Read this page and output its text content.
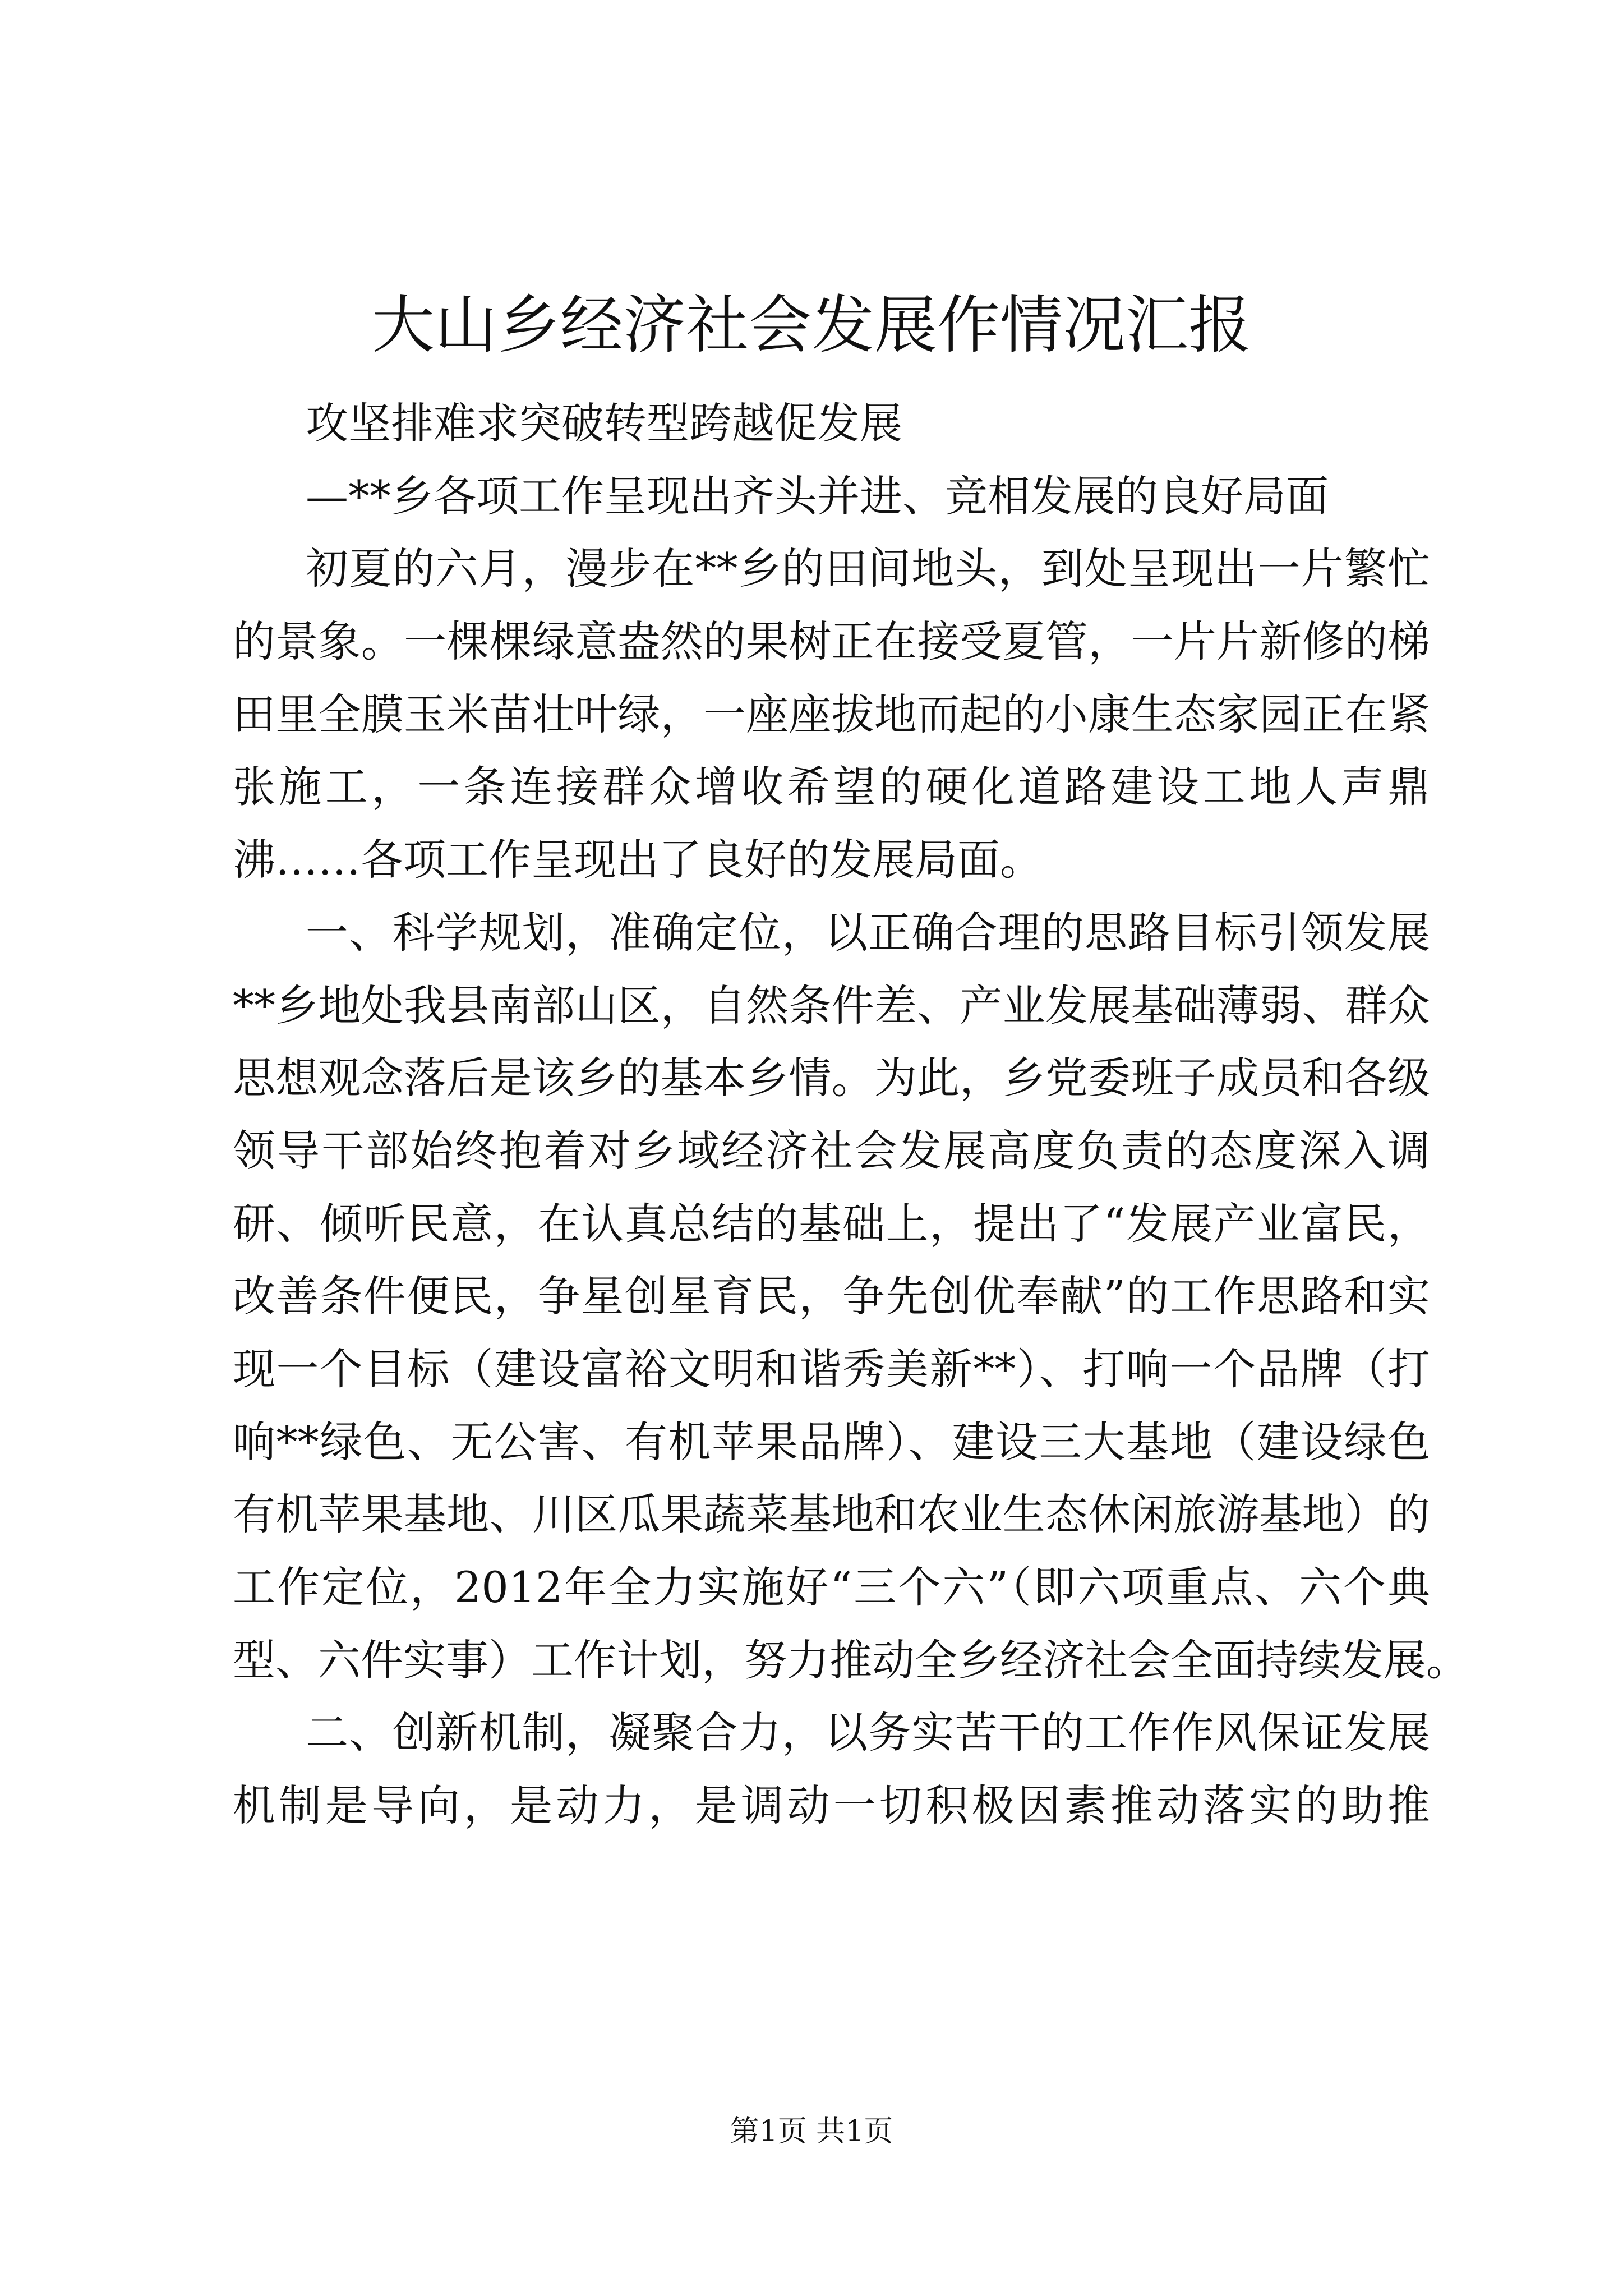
大山乡经济社会发展作情况汇报
攻坚排难求突破转型跨越促发展
—**乡各项工作呈现出齐头并进、竞相发展的良好局面
初夏的六月，漫步在**乡的田间地头，到处呈现出一片繁忙
的景象。一棵棵绿意盎然的果树正在接受夏管，一片片新修的梯
田里全膜玉米苗壮叶绿，一座座拔地而起的小康生态家园正在紧
张施工，一条连接群众增收希望的硬化道路建设工地人声鼎
沸……各项工作呈现出了良好的发展局面。
一、科学规划，准确定位，以正确合理的思路目标引领发展
**乡地处我县南部山区，自然条件差、产业发展基础薄弱、群众
思想观念落后是该乡的基本乡情。为此，乡党委班子成员和各级
领导干部始终抱着对乡域经济社会发展高度负责的态度深入调
研、倾听民意，在认真总结的基础上，提出了“发展产业富民，
改善条件便民，争星创星育民，争先创优奉献”的工作思路和实
现一个目标（建设富裕文明和谐秀美新**）、打响一个品牌（打
响**绿色、无公害、有机苹果品牌）、建设三大基地（建设绿色
有机苹果基地、川区瓜果蔬菜基地和农业生态休闲旅游基地）的
工作定位，2012年全力实施好“三个六”（即六项重点、六个典
型、六件实事）工作计划，努力推动全乡经济社会全面持续发展。
二、创新机制，凝聚合力，以务实苦干的工作作风保证发展
机制是导向，是动力，是调动一切积极因素推动落实的助推
第1页 共1页
